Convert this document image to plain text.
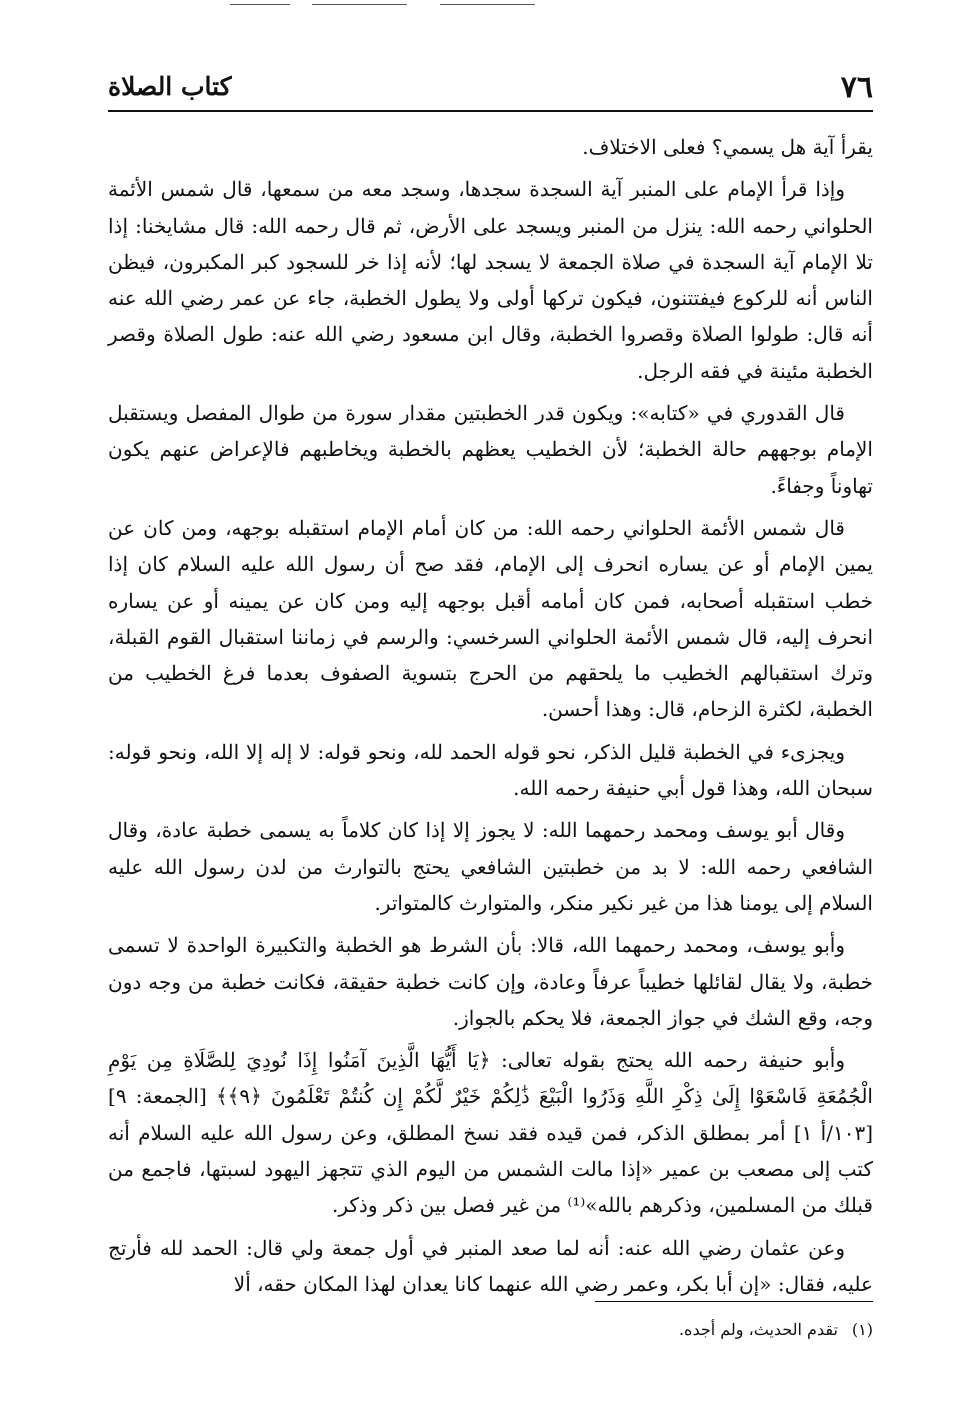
٧٦
كتاب الصلاة

يقرأ آية هل يسمي؟ فعلى الاختلاف.

وإذا قرأ الإمام على المنبر آية السجدة سجدها، وسجد معه من سمعها، قال شمس الأئمة الحلواني رحمه الله: ينزل من المنبر ويسجد على الأرض، ثم قال رحمه الله: قال مشايخنا: إذا تلا الإمام آية السجدة في صلاة الجمعة لا يسجد لها؛ لأنه إذا خر للسجود كبر المكبرون، فيظن الناس أنه للركوع فيفتتنون، فيكون تركها أولى ولا يطول الخطبة، جاء عن عمر رضي الله عنه أنه قال: طولوا الصلاة وقصروا الخطبة، وقال ابن مسعود رضي الله عنه: طول الصلاة وقصر الخطبة مئينة في فقه الرجل.

قال القدوري في «كتابه»: ويكون قدر الخطبتين مقدار سورة من طوال المفصل ويستقبل الإمام بوجههم حالة الخطبة؛ لأن الخطيب يعظهم بالخطبة ويخاطبهم فالإعراض عنهم يكون تهاوناً وجفاءً.

قال شمس الأئمة الحلواني رحمه الله: من كان أمام الإمام استقبله بوجهه، ومن كان عن يمين الإمام أو عن يساره انحرف إلى الإمام، فقد صح أن رسول الله عليه السلام كان إذا خطب استقبله أصحابه، فمن كان أمامه أقبل بوجهه إليه ومن كان عن يمينه أو عن يساره انحرف إليه، قال شمس الأئمة الحلواني السرخسي: والرسم في زماننا استقبال القوم القبلة، وترك استقبالهم الخطيب ما يلحقهم من الحرج بتسوية الصفوف بعدما فرغ الخطيب من الخطبة، لكثرة الزحام، قال: وهذا أحسن.

ويجزىء في الخطبة قليل الذكر، نحو قوله الحمد لله، ونحو قوله: لا إله إلا الله، ونحو قوله: سبحان الله، وهذا قول أبي حنيفة رحمه الله.

وقال أبو يوسف ومحمد رحمهما الله: لا يجوز إلا إذا كان كلاماً به يسمى خطبة عادة، وقال الشافعي رحمه الله: لا بد من خطبتين الشافعي يحتج بالتوارث من لدن رسول الله عليه السلام إلى يومنا هذا من غير نكير منكر، والمتوارث كالمتواتر.

وأبو يوسف، ومحمد رحمهما الله، قالا: بأن الشرط هو الخطبة والتكبيرة الواحدة لا تسمى خطبة، ولا يقال لقائلها خطيباً عرفاً وعادة، وإن كانت خطبة حقيقة، فكانت خطبة من وجه دون وجه، وقع الشك في جواز الجمعة، فلا يحكم بالجواز.

وأبو حنيفة رحمه الله يحتج بقوله تعالى: ﴿يَا أَيُّهَا الَّذِينَ آمَنُوا إِذَا نُودِيَ لِلصَّلَاةِ مِن يَوْمِ الْجُمُعَةِ فَاسْعَوْا إِلَىٰ ذِكْرِ اللَّهِ وَذَرُوا الْبَيْعَ ذَٰلِكُمْ خَيْرٌ لَّكُمْ إِن كُنتُمْ تَعْلَمُونَ ﴿٩﴾﴾ [الجمعة: ٩] [١٠٣/أ ١] أمر بمطلق الذكر، فمن قيده فقد نسخ المطلق، وعن رسول الله عليه السلام أنه كتب إلى مصعب بن عمير «إذا مالت الشمس من اليوم الذي تتجهز اليهود لسبتها، فاجمع من قبلك من المسلمين، وذكرهم بالله»⁽¹⁾ من غير فصل بين ذكر وذكر.

وعن عثمان رضي الله عنه: أنه لما صعد المنبر في أول جمعة ولي قال: الحمد لله فأرتج عليه، فقال: «إن أبا بكر، وعمر رضي الله عنهما كانا يعدان لهذا المكان حقه، ألا

(١)تقدم الحديث، ولم أجده.
